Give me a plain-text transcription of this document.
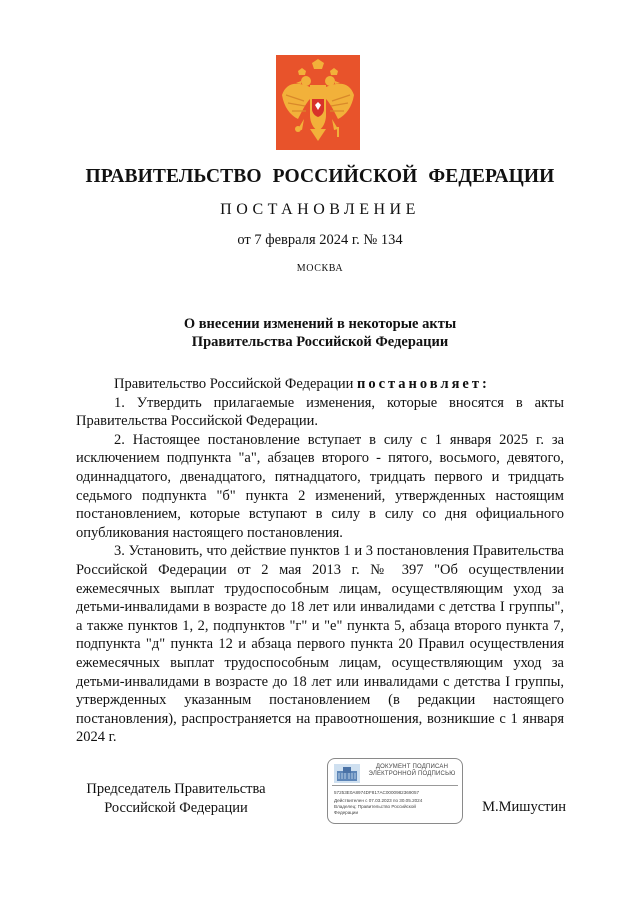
ПРАВИТЕЛЬСТВО РОССИЙСКОЙ ФЕДЕРАЦИИ
ПОСТАНОВЛЕНИЕ
от 7 февраля 2024 г. № 134
МОСКВА
О внесении изменений в некоторые акты
Правительства Российской Федерации

Правительство Российской Федерации постановляет:

1. Утвердить прилагаемые изменения, которые вносятся в акты Правительства Российской Федерации.

2. Настоящее постановление вступает в силу с 1 января 2025 г. за исключением подпункта "а", абзацев второго - пятого, восьмого, девятого, одиннадцатого, двенадцатого, пятнадцатого, тридцать первого и тридцать седьмого подпункта "б" пункта 2 изменений, утвержденных настоящим постановлением, которые вступают в силу в силу со дня официального опубликования настоящего постановления.

3. Установить, что действие пунктов 1 и 3 постановления Правительства Российской Федерации от 2 мая 2013 г. № 397 "Об осуществлении ежемесячных выплат трудоспособным лицам, осуществляющим уход за детьми-инвалидами в возрасте до 18 лет или инвалидами с детства I группы", а также пунктов 1, 2, подпунктов "г" и "е" пункта 5, абзаца второго пункта 7, подпункта "д" пункта 12 и абзаца первого пункта 20 Правил осуществления ежемесячных выплат трудоспособным лицам, осуществляющим уход за детьми-инвалидами в возрасте до 18 лет или инвалидами с детства I группы, утвержденных указанным постановлением (в редакции настоящего постановления), распространяется на правоотношения, возникшие с 1 января 2024 г.

Председатель Правительства
Российской Федерации
ДОКУМЕНТ ПОДПИСАН
ЭЛЕКТРОННОЙ ПОДПИСЬЮ
57253E0A8974DF817AC0000982369057
Действителен с 07.03.2023 по 30.05.2024
Владелец: Правительство Российской
Федерации	М.Мишустин
